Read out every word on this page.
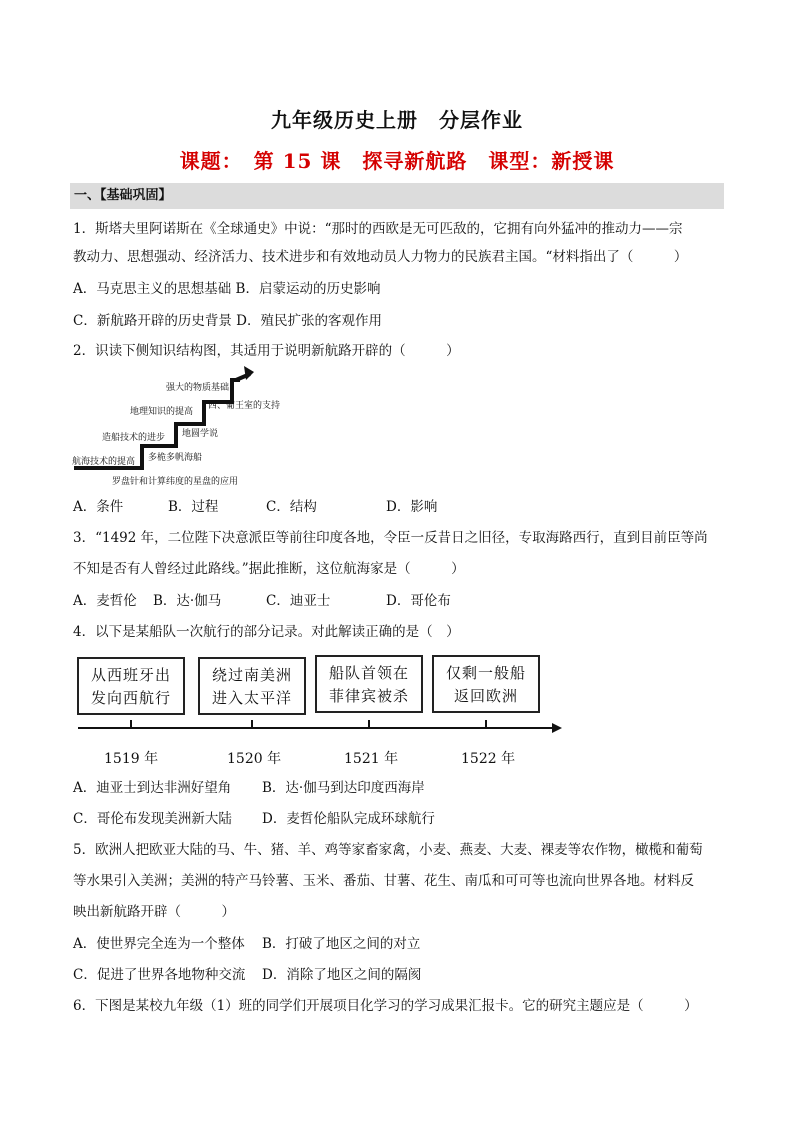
九年级历史上册　分层作业
课题：　第 15 课　探寻新航路　课型：新授课
一、【基础巩固】
1．斯塔夫里阿诺斯在《全球通史》中说：“那时的西欧是无可匹敌的，它拥有向外猛冲的推动力——宗
教动力、思想强动、经济活力、技术进步和有效地动员人力物力的民族君主国。“材料指出了（　　　）
A．马克思主义的思想基础 B．启蒙运动的历史影响
C．新航路开辟的历史背景 D．殖民扩张的客观作用
2．识读下侧知识结构图，其适用于说明新航路开辟的（　　　）
航海技术的提高
造船技术的进步
地理知识的提高
强大的物质基础
罗盘针和计算纬度的星盘的应用
多桅多帆海船
地圆学说
西、葡王室的支持
A．条件	B．过程	C．结构	D．影响
3．“1492 年，二位陛下决意派臣等前往印度各地，令臣一反昔日之旧径，专取海路西行，直到目前臣等尚
不知是否有人曾经过此路线。”据此推断，这位航海家是（　　　）
A．麦哲伦 B．达·伽马	C．迪亚士	D．哥伦布
4．以下是某船队一次航行的部分记录。对此解读正确的是（　）
从西班牙出
发向西航行
绕过南美洲
进入太平洋
船队首领在
菲律宾被杀
仅剩一般船
返回欧洲
1519 年	1520 年	1521 年	1522 年
A．迪亚士到达非洲好望角 B．达·伽马到达印度西海岸
C．哥伦布发现美洲新大陆 D．麦哲伦船队完成环球航行
5．欧洲人把欧亚大陆的马、牛、猪、羊、鸡等家畜家禽，小麦、燕麦、大麦、裸麦等农作物，橄榄和葡萄
等水果引入美洲；美洲的特产马铃薯、玉米、番茄、甘薯、花生、南瓜和可可等也流向世界各地。材料反
映出新航路开辟（　　　）
A．使世界完全连为一个整体 B．打破了地区之间的对立
C．促进了世界各地物种交流 D．消除了地区之间的隔阂
6．下图是某校九年级（1）班的同学们开展项目化学习的学习成果汇报卡。它的研究主题应是（　　　）
